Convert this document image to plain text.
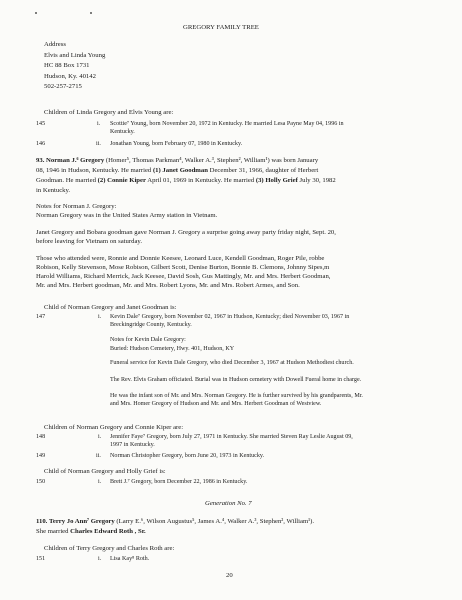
GREGORY FAMILY TREE
Address
Elvis and Linda Young
HC 88 Box 1731
Hudson, Ky. 40142
502-257-2715
Children of Linda Gregory and Elvis Young are:
145	i. Scottie⁷ Young, born November 20, 1972 in Kentucky. He married Lesa Payne May 04, 1996 in
Kentucky.
146	ii. Jonathan Young, born February 07, 1980 in Kentucky.
93. Norman J.⁶ Gregory (Homer⁵, Thomas Parkman⁴, Walker A.³, Stephen², William¹) was born January
08, 1946 in Hudson, Kentucky. He married (1) Janet Goodman December 31, 1966, daughter of Herbert
Goodman. He married (2) Connie Kiper April 01, 1969 in Kentucky. He married (3) Holly Grief July 30, 1982
in Kentucky.
Notes for Norman J. Gregory:
Norman Gregory was in the United States Army station in Vietnam.
Janet Gregory and Bobara goodman gave Norman J. Gregory a surprise going away party friday night, Sept. 20,
before leaving for Vietnam on saturday.
Those who attended were, Ronnie and Donnie Keesee, Leonard Luce, Kendell Goodman, Roger Pile, robbe
Robison, Kelly Stevenson, Mose Robison, Gilbert Scott, Denise Burton, Bonnie B. Clemons, Johnny Sipes,m
Harold Williams, Richard Merrick, Jack Keesee, David Sosh, Gus Mattingly, Mr. and Mrs. Herbert Goodman,
Mr. and Mrs. Herbert goodman, Mr. and Mrs. Robert Lyons, Mr. and Mrs. Robert Armes, and Son.
Child of Norman Gregory and Janet Goodman is:
147	i. Kevin Dale⁷ Gregory, born November 02, 1967 in Hudson, Kentucky; died November 03, 1967 in
Breckingridge County, Kentucky.
Notes for Kevin Dale Gregory:
Buried: Hudson Cemetery, Hwy. 401, Hudson, KY
Funeral service for Kevin Dale Gregory, who died December 3, 1967 at Hudson Methodiest church.
The Rev. Elvis Graham officiated. Burial was in Hudson cemetery with Dowell Fueral home in charge.
He was the infant son of Mr. and Mrs. Norman Gregory. He is further survived by his grandparents, Mr.
and Mrs. Homer Gregory of Hudson and Mr. and Mrs. Herbert Goodman of Westview.
Children of Norman Gregory and Connie Kiper are:
148	i. Jennifer Faye⁷ Gregory, born July 27, 1971 in Kentucky. She married Steven Ray Leslie August 09,
1997 in Kentucky.
149	ii. Norman Christopher Gregory, born June 20, 1973 in Kentucky.
Child of Norman Gregory and Holly Grief is:
150	i. Brett J.⁷ Gregory, born December 22, 1986 in Kentucky.
Generation No. 7
110. Terry Jo Ann⁷ Gregory (Larry E.⁶, Wilson Augustus⁵, James A.⁴, Walker A.³, Stephen², William¹).
She married Charles Edward Roth , Sr.
Children of Terry Gregory and Charles Roth are:
151	i. Lisa Kay⁸ Roth.
20
